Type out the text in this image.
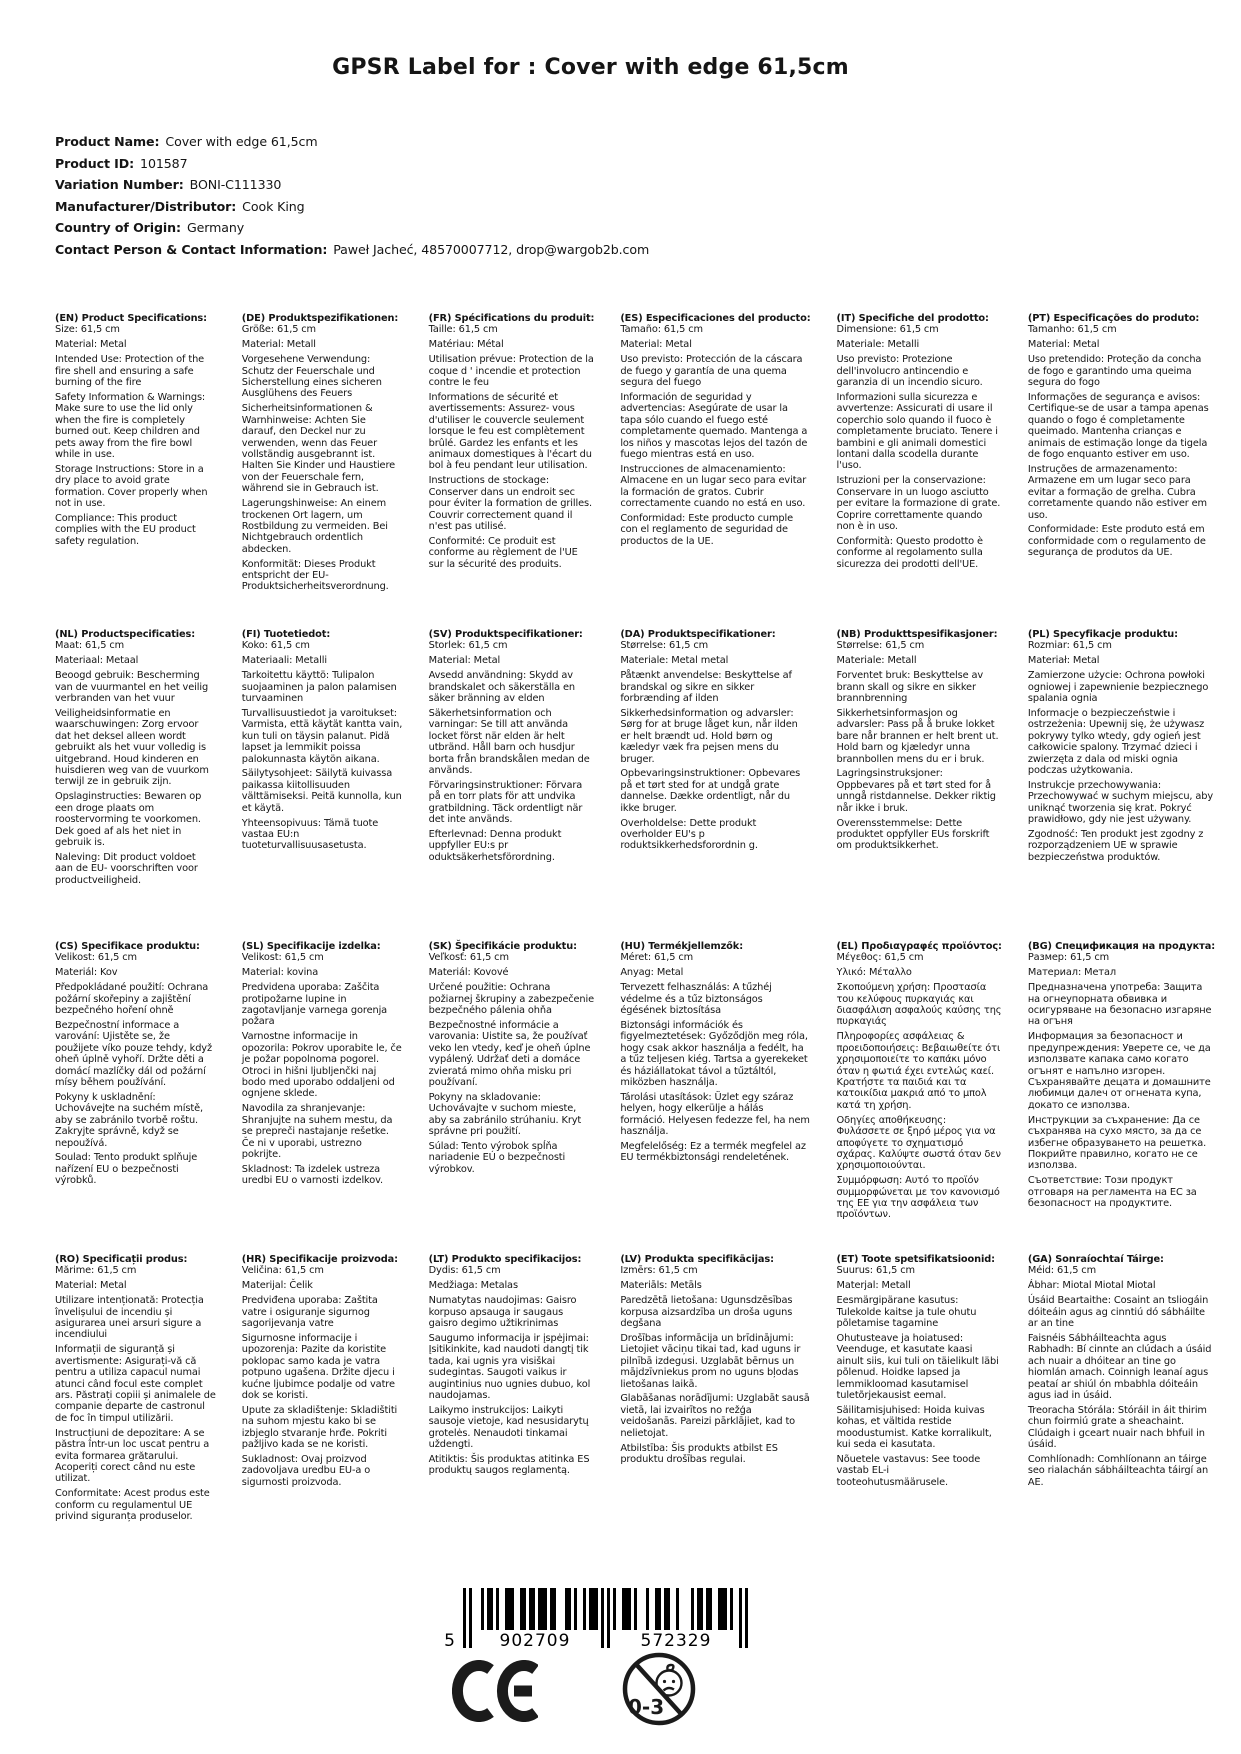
GPSR Label for : Cover with edge 61,5cm
Product Name: Cover with edge 61,5cm
Product ID: 101587
Variation Number: BONI-C111330
Manufacturer/Distributor: Cook King
Country of Origin: Germany
Contact Person & Contact Information: Paweł Jacheć, 48570007712, drop@wargob2b.com
(EN) Product Specifications:

Size: 61,5 cm

Material: Metal

Intended Use: Protection of the fire shell and ensuring a safe burning of the fire

Safety Information & Warnings: Make sure to use the lid only when the fire is completely burned out. Keep children and pets away from the fire bowl while in use.

Storage Instructions: Store in a dry place to avoid grate formation. Cover properly when not in use.

Compliance: This product complies with the EU product safety regulation.

(DE) Produktspezifikationen:

Größe: 61,5 cm

Material: Metall

Vorgesehene Verwendung: Schutz der Feuerschale und Sicherstellung eines sicheren Ausglühens des Feuers

Sicherheitsinformationen & Warnhinweise: Achten Sie darauf, den Deckel nur zu verwenden, wenn das Feuer vollständig ausgebrannt ist. Halten Sie Kinder und Haustiere von der Feuerschale fern, während sie in Gebrauch ist.

Lagerungshinweise: An einem trockenen Ort lagern, um Rostbildung zu vermeiden. Bei Nichtgebrauch ordentlich abdecken.

Konformität: Dieses Produkt entspricht der EU-Produktsicherheitsverordnung.

(FR) Spécifications du produit:

Taille: 61,5 cm

Matériau: Métal

Utilisation prévue: Protection de la coque d ' incendie et protection contre le feu

Informations de sécurité et avertissements: Assurez- vous d'utiliser le couvercle seulement lorsque le feu est complètement brûlé. Gardez les enfants et les animaux domestiques à l'écart du bol à feu pendant leur utilisation.

Instructions de stockage: Conserver dans un endroit sec pour éviter la formation de grilles. Couvrir correctement quand il n'est pas utilisé.

Conformité: Ce produit est conforme au règlement de l'UE sur la sécurité des produits.

(ES) Especificaciones del producto:

Tamaño: 61,5 cm

Material: Metal

Uso previsto: Protección de la cáscara de fuego y garantía de una quema segura del fuego

Información de seguridad y advertencias: Asegúrate de usar la tapa sólo cuando el fuego esté completamente quemado. Mantenga a los niños y mascotas lejos del tazón de fuego mientras está en uso.

Instrucciones de almacenamiento: Almacene en un lugar seco para evitar la formación de gratos. Cubrir correctamente cuando no está en uso.

Conformidad: Este producto cumple con el reglamento de seguridad de productos de la UE.

(IT) Specifiche del prodotto:

Dimensione: 61,5 cm

Materiale: Metalli

Uso previsto: Protezione dell'involucro antincendio e garanzia di un incendio sicuro.

Informazioni sulla sicurezza e avvertenze: Assicurati di usare il coperchio solo quando il fuoco è completamente bruciato. Tenere i bambini e gli animali domestici lontani dalla scodella durante l'uso.

Istruzioni per la conservazione: Conservare in un luogo asciutto per evitare la formazione di grate. Coprire correttamente quando non è in uso.

Conformità: Questo prodotto è conforme al regolamento sulla sicurezza dei prodotti dell'UE.

(PT) Especificações do produto:

Tamanho: 61,5 cm

Material: Metal

Uso pretendido: Proteção da concha de fogo e garantindo uma queima segura do fogo

Informações de segurança e avisos: Certifique-se de usar a tampa apenas quando o fogo é completamente queimado. Mantenha crianças e animais de estimação longe da tigela de fogo enquanto estiver em uso.

Instruções de armazenamento: Armazene em um lugar seco para evitar a formação de grelha. Cubra corretamente quando não estiver em uso.

Conformidade: Este produto está em conformidade com o regulamento de segurança de produtos da UE.

(NL) Productspecificaties:

Maat: 61,5 cm

Materiaal: Metaal

Beoogd gebruik: Bescherming van de vuurmantel en het veilig verbranden van het vuur

Veiligheidsinformatie en waarschuwingen: Zorg ervoor dat het deksel alleen wordt gebruikt als het vuur volledig is uitgebrand. Houd kinderen en huisdieren weg van de vuurkom terwijl ze in gebruik zijn.

Opslaginstructies: Bewaren op een droge plaats om roostervorming te voorkomen. Dek goed af als het niet in gebruik is.

Naleving: Dit product voldoet aan de EU- voorschriften voor productveiligheid.

(FI) Tuotetiedot:

Koko: 61,5 cm

Materiaali: Metalli

Tarkoitettu käyttö: Tulipalon suojaaminen ja palon palamisen turvaaminen

Turvallisuustiedot ja varoitukset: Varmista, että käytät kantta vain, kun tuli on täysin palanut. Pidä lapset ja lemmikit poissa palokunnasta käytön aikana.

Säilytysohjeet: Säilytä kuivassa paikassa kiitollisuuden välttämiseksi. Peitä kunnolla, kun et käytä.

Yhteensopivuus: Tämä tuote vastaa EU:n tuoteturvallisuusasetusta.

(SV) Produktspecifikationer:

Storlek: 61,5 cm

Material: Metal

Avsedd användning: Skydd av brandskalet och säkerställa en säker bränning av elden

Säkerhetsinformation och varningar: Se till att använda locket först när elden är helt utbränd. Håll barn och husdjur borta från brandskålen medan de används.

Förvaringsinstruktioner: Förvara på en torr plats för att undvika gratbildning. Täck ordentligt när det inte används.

Efterlevnad: Denna produkt uppfyller EU:s pr oduktsäkerhetsförordning.

(DA) Produktspecifikationer:

Størrelse: 61,5 cm

Materiale: Metal metal

Påtænkt anvendelse: Beskyttelse af brandskal og sikre en sikker forbrænding af ilden

Sikkerhedsinformation og advarsler: Sørg for at bruge låget kun, når ilden er helt brændt ud. Hold børn og kæledyr væk fra pejsen mens du bruger.

Opbevaringsinstruktioner: Opbevares på et tørt sted for at undgå grate dannelse. Dække ordentligt, når du ikke bruger.

Overholdelse: Dette produkt overholder EU's p roduktsikkerhedsforordnin g.

(NB) Produkttspesifikasjoner:

Størrelse: 61,5 cm

Materiale: Metall

Forventet bruk: Beskyttelse av brann skall og sikre en sikker brannbrenning

Sikkerhetsinformasjon og advarsler: Pass på å bruke lokket bare når brannen er helt brent ut. Hold barn og kjæledyr unna brannbollen mens du er i bruk.

Lagringsinstruksjoner: Oppbevares på et tørt sted for å unngå ristdannelse. Dekker riktig når ikke i bruk.

Overensstemmelse: Dette produktet oppfyller EUs forskrift om produktsikkerhet.

(PL) Specyfikacje produktu:

Rozmiar: 61,5 cm

Materiał: Metal

Zamierzone użycie: Ochrona powłoki ogniowej i zapewnienie bezpiecznego spalania ognia

Informacje o bezpieczeństwie i ostrzeżenia: Upewnij się, że używasz pokrywy tylko wtedy, gdy ogień jest całkowicie spalony. Trzymać dzieci i zwierzęta z dala od miski ognia podczas użytkowania.

Instrukcje przechowywania: Przechowywać w suchym miejscu, aby uniknąć tworzenia się krat. Pokryć prawidłowo, gdy nie jest używany.

Zgodność: Ten produkt jest zgodny z rozporządzeniem UE w sprawie bezpieczeństwa produktów.

(CS) Specifikace produktu:

Velikost: 61,5 cm

Materiál: Kov

Předpokládané použití: Ochrana požární skořepiny a zajištění bezpečného hoření ohně

Bezpečnostní informace a varování: Ujistěte se, že použijete víko pouze tehdy, když oheň úplně vyhoří. Držte děti a domácí mazlíčky dál od požární mísy během používání.

Pokyny k uskladnění: Uchovávejte na suchém místě, aby se zabránilo tvorbě roštu. Zakryjte správně, když se nepoužívá.

Soulad: Tento produkt splňuje nařízení EU o bezpečnosti výrobků.

(SL) Specifikacije izdelka:

Velikost: 61,5 cm

Material: kovina

Predvidena uporaba: Zaščita protipožarne lupine in zagotavljanje varnega gorenja požara

Varnostne informacije in opozorila: Pokrov uporabite le, če je požar popolnoma pogorel. Otroci in hišni ljubljenčki naj bodo med uporabo oddaljeni od ognjene sklede.

Navodila za shranjevanje: Shranjujte na suhem mestu, da se prepreči nastajanje rešetke. Če ni v uporabi, ustrezno pokrijte.

Skladnost: Ta izdelek ustreza uredbi EU o varnosti izdelkov.

(SK) Špecifikácie produktu:

Veľkosť: 61,5 cm

Materiál: Kovové

Určené použitie: Ochrana požiarnej škrupiny a zabezpečenie bezpečného pálenia ohňa

Bezpečnostné informácie a varovania: Uistite sa, že používať veko len vtedy, keď je oheň úplne vypálený. Udržať deti a domáce zvieratá mimo ohňa misku pri používaní.

Pokyny na skladovanie: Uchovávajte v suchom mieste, aby sa zabránilo strúhaniu. Kryt správne pri použití.

Súlad: Tento výrobok spĺňa nariadenie EÚ o bezpečnosti výrobkov.

(HU) Termékjellemzők:

Méret: 61,5 cm

Anyag: Metal

Tervezett felhasználás: A tűzhéj védelme és a tűz biztonságos égésének biztosítása

Biztonsági információk és figyelmeztetések: Győződjön meg róla, hogy csak akkor használja a fedélt, ha a tűz teljesen kiég. Tartsa a gyerekeket és háziállatokat távol a tűztáltól, miközben használja.

Tárolási utasítások: Üzlet egy száraz helyen, hogy elkerülje a hálás formáció. Helyesen fedezze fel, ha nem használja.

Megfelelőség: Ez a termék megfelel az EU termékbiztonsági rendeletének.

(EL) Προδιαγραφές προϊόντος:

Μέγεθος: 61,5 cm

Υλικό: Μέταλλο

Σκοπούμενη χρήση: Προστασία του κελύφους πυρκαγιάς και διασφάλιση ασφαλούς καύσης της πυρκαγιάς

Πληροφορίες ασφάλειας & προειδοποιήσεις: Βεβαιωθείτε ότι χρησιμοποιείτε το καπάκι μόνο όταν η φωτιά έχει εντελώς καεί. Κρατήστε τα παιδιά και τα κατοικίδια μακριά από το μπολ κατά τη χρήση.

Οδηγίες αποθήκευσης: Φυλάσσετε σε ξηρό μέρος για να αποφύγετε το σχηματισμό σχάρας. Καλύψτε σωστά όταν δεν χρησιμοποιούνται.

Συμμόρφωση: Αυτό το προϊόν συμμορφώνεται με τον κανονισμό της ΕΕ για την ασφάλεια των προϊόντων.

(BG) Спецификация на продукта:

Размер: 61,5 cm

Материал: Метал

Предназначена употреба: Защита на огнеупорната обвивка и осигуряване на безопасно изгаряне на огъня

Информация за безопасност и предупреждения: Уверете се, че да използвате капака само когато огънят е напълно изгорен. Съхранявайте децата и домашните любимци далеч от огнената купа, докато се използва.

Инструкции за съхранение: Да се съхранява на сухо място, за да се избегне образуването на решетка. Покрийте правилно, когато не се използва.

Съответствие: Този продукт отговаря на регламента на ЕС за безопасност на продуктите.

(RO) Specificații produs:

Mărime: 61,5 cm

Material: Metal

Utilizare intenționată: Protecția învelișului de incendiu și asigurarea unei arsuri sigure a incendiului

Informații de siguranță și avertismente: Asigurați-vă că pentru a utiliza capacul numai atunci când focul este complet ars. Păstrați copiii și animalele de companie departe de castronul de foc în timpul utilizării.

Instrucțiuni de depozitare: A se păstra într-un loc uscat pentru a evita formarea grătarului. Acoperiți corect când nu este utilizat.

Conformitate: Acest produs este conform cu regulamentul UE privind siguranța produselor.

(HR) Specifikacije proizvoda:

Veličina: 61,5 cm

Materijal: Čelik

Predviđena uporaba: Zaštita vatre i osiguranje sigurnog sagorijevanja vatre

Sigurnosne informacije i upozorenja: Pazite da koristite poklopac samo kada je vatra potpuno ugašena. Držite djecu i kućne ljubimce podalje od vatre dok se koristi.

Upute za skladištenje: Skladištiti na suhom mjestu kako bi se izbjeglo stvaranje hrđe. Pokriti pažljivo kada se ne koristi.

Sukladnost: Ovaj proizvod zadovoljava uredbu EU-a o sigurnosti proizvoda.

(LT) Produkto specifikacijos:

Dydis: 61,5 cm

Medžiaga: Metalas

Numatytas naudojimas: Gaisro korpuso apsauga ir saugaus gaisro degimo užtikrinimas

Saugumo informacija ir įspėjimai: Įsitikinkite, kad naudoti dangtį tik tada, kai ugnis yra visiškai sudegintas. Saugoti vaikus ir augintinius nuo ugnies dubuo, kol naudojamas.

Laikymo instrukcijos: Laikyti sausoje vietoje, kad nesusidarytų grotelės. Nenaudoti tinkamai uždengti.

Atitiktis: Šis produktas atitinka ES produktų saugos reglamentą.

(LV) Produkta specifikācijas:

Izmērs: 61,5 cm

Materiāls: Metāls

Paredzētā lietošana: Ugunsdzēsības korpusa aizsardzība un droša uguns degšana

Drošības informācija un brīdinājumi: Lietojiet vāciņu tikai tad, kad uguns ir pilnībā izdegusi. Uzglabāt bērnus un mājdzīvniekus prom no uguns bļodas lietošanas laikā.

Glabāšanas norādījumi: Uzglabāt sausā vietā, lai izvairītos no režģa veidošanās. Pareizi pārklājiet, kad to nelietojat.

Atbilstība: Šis produkts atbilst ES produktu drošības regulai.

(ET) Toote spetsifikatsioonid:

Suurus: 61,5 cm

Materjal: Metall

Eesmärgipärane kasutus: Tulekolde kaitse ja tule ohutu põletamise tagamine

Ohutusteave ja hoiatused: Veenduge, et kasutate kaasi ainult siis, kui tuli on täielikult läbi põlenud. Hoidke lapsed ja lemmikloomad kasutamisel tuletõrjekausist eemal.

Säilitamisjuhised: Hoida kuivas kohas, et vältida restide moodustumist. Katke korralikult, kui seda ei kasutata.

Nõuetele vastavus: See toode vastab EL-i tooteohutusmäärusele.

(GA) Sonraíochtaí Táirge:

Méid: 61,5 cm

Ábhar: Miotal Miotal Miotal

Úsáid Beartaithe: Cosaint an tsliogáin dóiteáin agus ag cinntiú dó sábháilte ar an tine

Faisnéis Sábháilteachta agus Rabhadh: Bí cinnte an clúdach a úsáid ach nuair a dhóitear an tine go hiomlán amach. Coinnigh leanaí agus peataí ar shiúl ón mbabhla dóiteáin agus iad in úsáid.

Treoracha Stórála: Stóráil in áit thirim chun foirmiú grate a sheachaint. Clúdaigh i gceart nuair nach bhfuil in úsáid.

Comhlíonadh: Comhlíonann an táirge seo rialachán sábháilteachta táirgí an AE.

5	902709	572329
0-3
